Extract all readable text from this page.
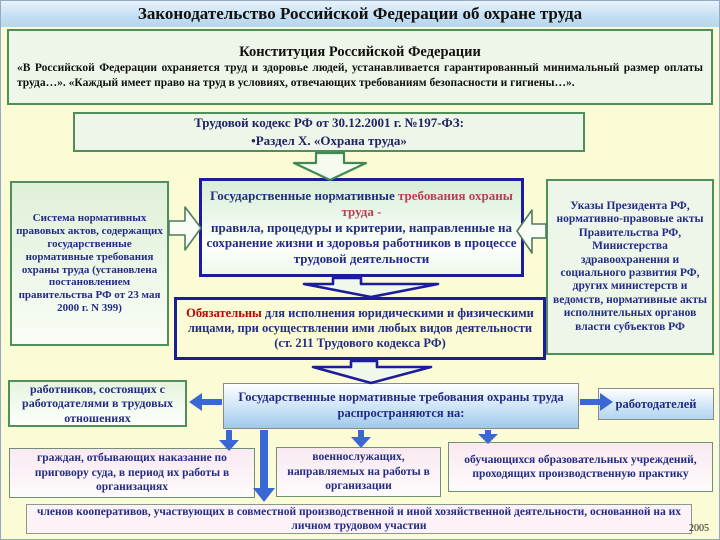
Законодательство Российской Федерации об охране труда
Конституция Российской Федерации
«В Российской Федерации охраняется труд и здоровье людей, устанавливается гарантированный минимальный размер оплаты труда…». «Каждый имеет право на труд в условиях, отвечающих требованиям безопасности и гигиены…».
Трудовой кодекс РФ от 30.12.2001 г. №197-ФЗ:
•Раздел X. «Охрана труда»
Система нормативных правовых актов, содержащих государственные нормативные требования охраны труда (установлена постановлением правительства РФ от 23 мая 2000 г. N 399)
Государственные нормативные требования охраны труда -
правила, процедуры и критерии, направленные на сохранение жизни и здоровья работников в процессе трудовой деятельности
Указы Президента РФ, нормативно-правовые акты Правительства РФ, Министерства здравоохранения и социального развития РФ, других министерств и ведомств, нормативные акты исполнительных органов власти субъектов РФ
Обязательны для исполнения юридическими и физическими лицами, при осуществлении ими любых видов деятельности
(ст. 211 Трудового кодекса РФ)
работников, состоящих с работодателями в трудовых отношениях
Государственные нормативные требования охраны труда распространяются на:
работодателей
граждан, отбывающих наказание по приговору суда, в период их работы в организациях
военнослужащих, направляемых на работы в организации
обучающихся образовательных учреждений, проходящих производственную практику
членов кооперативов, участвующих в совместной производственной и иной хозяйственной деятельности, основанной на их личном трудовом участии	2005
